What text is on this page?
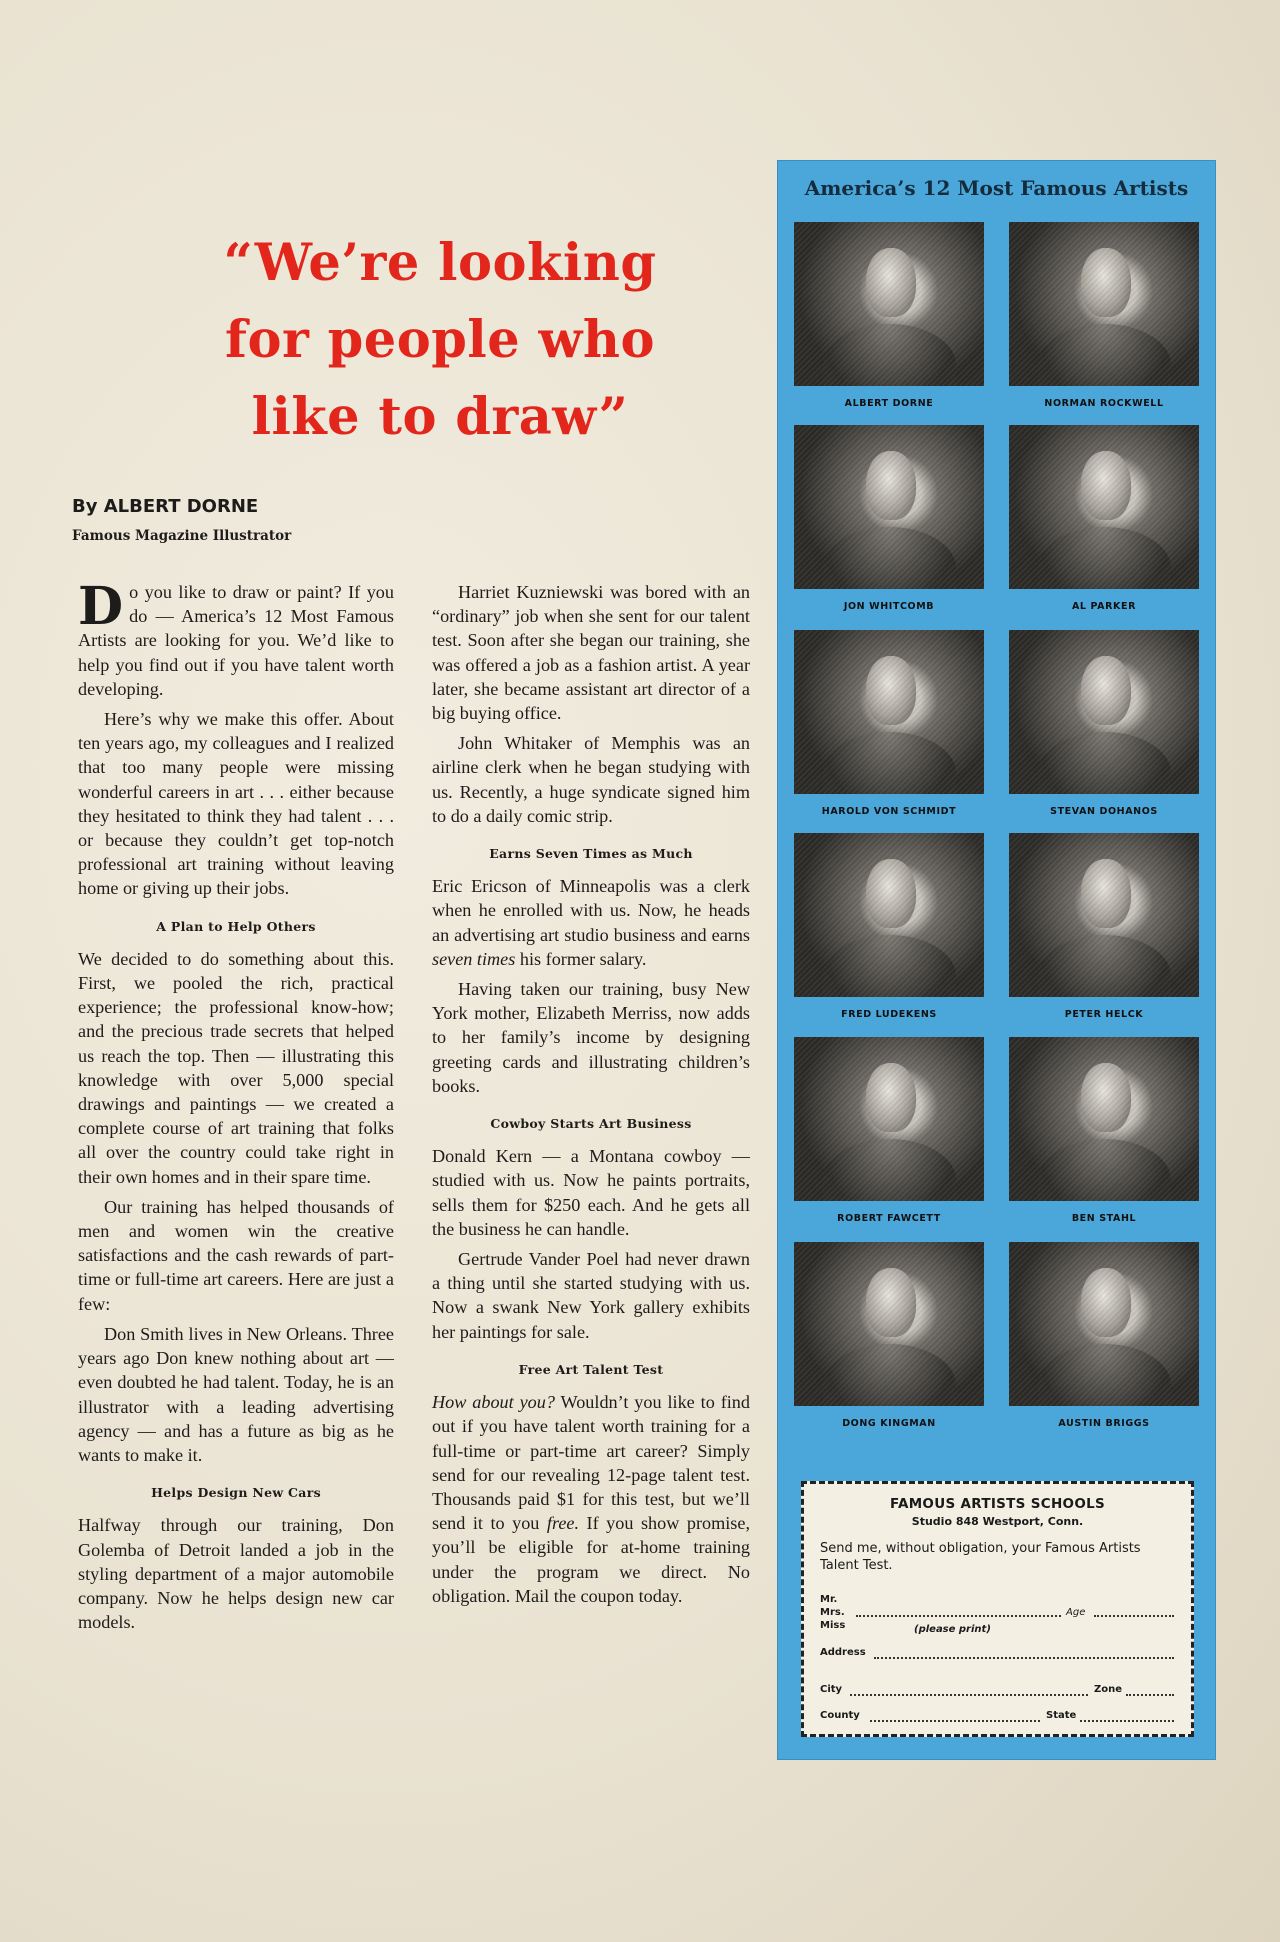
​
“We’re looking
for people who
like to draw”
By ALBERT DORNE
Famous Magazine Illustrator

Do you like to draw or paint? If you do — America’s 12 Most Famous Artists are looking for you. We’d like to help you find out if you have talent worth developing.

Here’s why we make this offer. About ten years ago, my colleagues and I realized that too many people were missing wonderful careers in art . . . either because they hesitated to think they had talent . . . or because they couldn’t get top-notch professional art training without leaving home or giving up their jobs.

A Plan to Help Others

We decided to do something about this. First, we pooled the rich, practical experience; the professional know-how; and the precious trade secrets that helped us reach the top. Then — illustrating this knowledge with over 5,000 special drawings and paintings — we created a complete course of art training that folks all over the country could take right in their own homes and in their spare time.

Our training has helped thousands of men and women win the creative satisfactions and the cash rewards of part-time or full-time art careers. Here are just a few:

Don Smith lives in New Orleans. Three years ago Don knew nothing about art — even doubted he had talent. Today, he is an illustrator with a leading advertising agency — and has a future as big as he wants to make it.

Helps Design New Cars

Halfway through our training, Don Golemba of Detroit landed a job in the styling department of a major automobile company. Now he helps design new car models.

Harriet Kuzniewski was bored with an “ordinary” job when she sent for our talent test. Soon after she began our training, she was offered a job as a fashion artist. A year later, she became assistant art director of a big buying office.

John Whitaker of Memphis was an airline clerk when he began studying with us. Recently, a huge syndicate signed him to do a daily comic strip.

Earns Seven Times as Much

Eric Ericson of Minneapolis was a clerk when he enrolled with us. Now, he heads an advertising art studio business and earns seven times his former salary.

Having taken our training, busy New York mother, Elizabeth Merriss, now adds to her family’s income by designing greeting cards and illustrating children’s books.

Cowboy Starts Art Business

Donald Kern — a Montana cowboy — studied with us. Now he paints portraits, sells them for $250 each. And he gets all the business he can handle.

Gertrude Vander Poel had never drawn a thing until she started studying with us. Now a swank New York gallery exhibits her paintings for sale.

Free Art Talent Test

How about you? Wouldn’t you like to find out if you have talent worth training for a full-time or part-time art career? Simply send for our revealing 12-page talent test. Thousands paid $1 for this test, but we’ll send it to you free. If you show promise, you’ll be eligible for at-home training under the program we direct. No obligation. Mail the coupon today.

America’s 12 Most Famous Artists
FAMOUS ARTISTS SCHOOLS
Studio 848 Westport, Conn.
Send me, without obligation, your Famous Artists Talent Test.
Mr.
Mrs.	Age
Miss	(please print)
Address
City	Zone
County	State
ALBERT DORNE	NORMAN ROCKWELL
JON WHITCOMB	AL PARKER
HAROLD VON SCHMIDT	STEVAN DOHANOS
FRED LUDEKENS	PETER HELCK
ROBERT FAWCETT	BEN STAHL
DONG KINGMAN	AUSTIN BRIGGS
